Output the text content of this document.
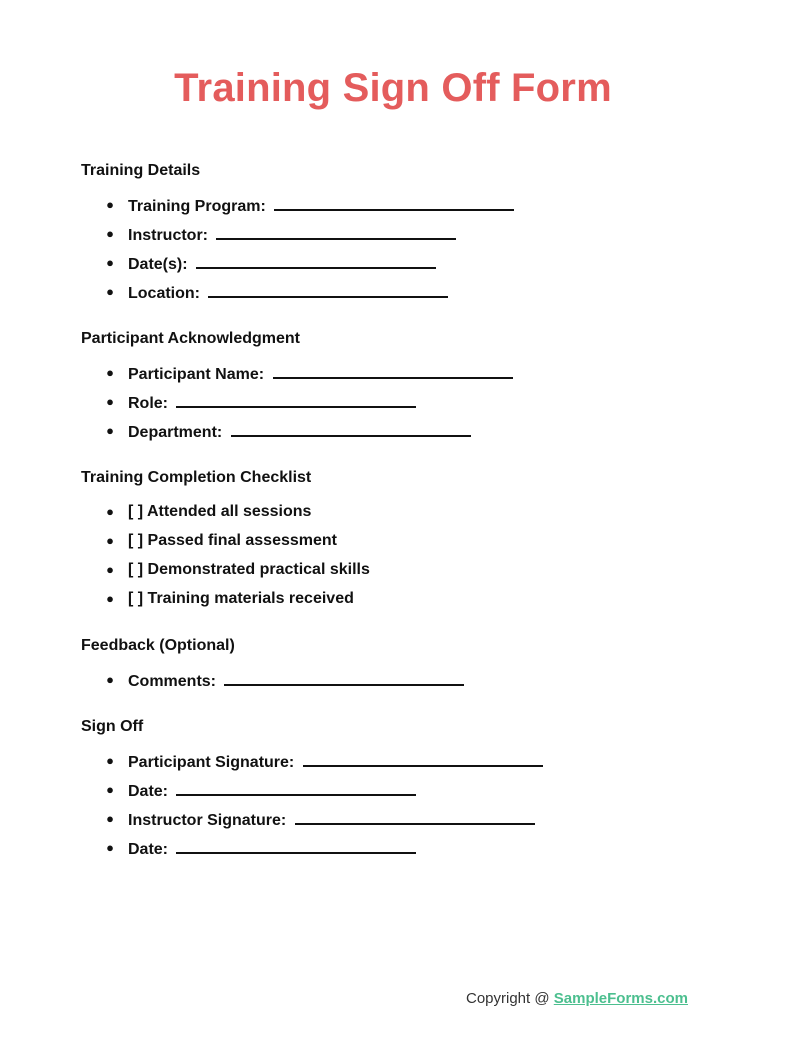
Training Sign Off Form
Training Details
● Training Program:
● Instructor:
● Date(s):
● Location:
Participant Acknowledgment
● Participant Name:
● Role:
● Department:
Training Completion Checklist
● [ ] Attended all sessions
● [ ] Passed final assessment
● [ ] Demonstrated practical skills
● [ ] Training materials received
Feedback (Optional)
● Comments:
Sign Off
● Participant Signature:
● Date:
● Instructor Signature:
● Date:
Copyright @ SampleForms.com
